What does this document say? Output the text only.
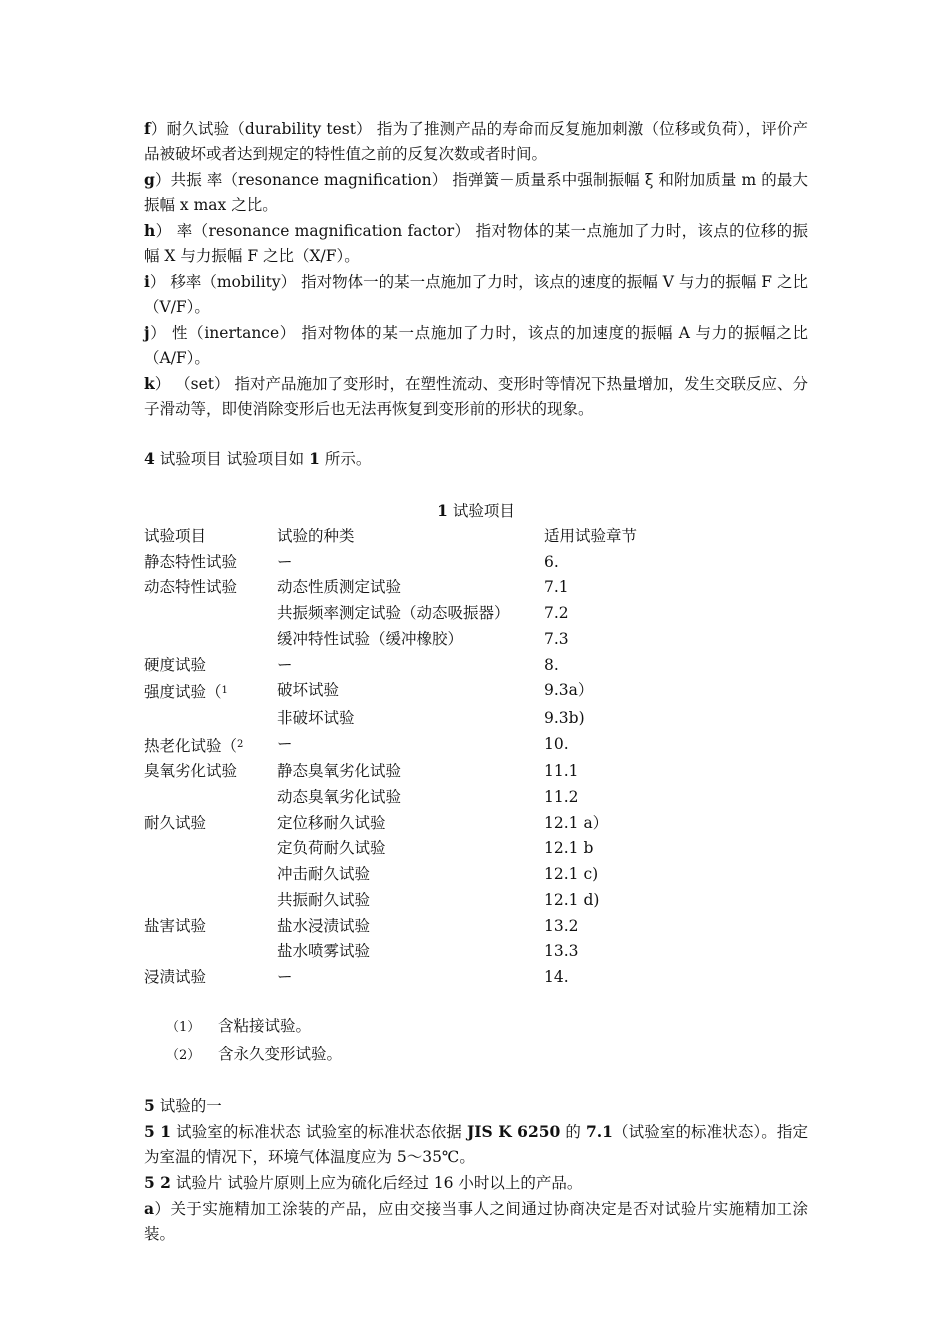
f）耐久试验（durability test） 指为了推测产品的寿命而反复施加刺激（位移或负荷），评价产品被破坏或者达到规定的特性值之前的反复次数或者时间。

g）共振 率（resonance magnification） 指弹簧－质量系中强制振幅 ξ 和附加质量 m 的最大振幅 x max 之比。

h） 率（resonance magnification factor） 指对物体的某一点施加了力时，该点的位移的振幅 X 与力振幅 F 之比（X/F）。

i） 移率（mobility） 指对物体一的某一点施加了力时，该点的速度的振幅 V 与力的振幅 F 之比（V/F）。

j） 性（inertance） 指对物体的某一点施加了力时，该点的加速度的振幅 A 与力的振幅之比（A/F）。

k） （set） 指对产品施加了变形时，在塑性流动、变形时等情况下热量增加，发生交联反应、分子滑动等，即使消除变形后也无法再恢复到变形前的形状的现象。

4 试验项目 试验项目如 1 所示。

1 试验项目

试验项目	试验的种类	适用试验章节
静态特性试验	ー	6.
动态特性试验	动态性质测定试验	7.1
	共振频率测定试验（动态吸振器）	7.2
	缓冲特性试验（缓冲橡胶）	7.3
硬度试验	ー	8.
强度试验（$^1$	破坏试验	9.3a）
	非破坏试验	9.3b)
热老化试验（$^2$	ー	10.
臭氧劣化试验	静态臭氧劣化试验	11.1
	动态臭氧劣化试验	11.2
耐久试验	定位移耐久试验	12.1 a）
	定负荷耐久试验	12.1 b
	冲击耐久试验	12.1 c)
	共振耐久试验	12.1 d)
盐害试验	盐水浸渍试验	13.2
	盐水喷雾试验	13.3
浸渍试验	ー	14.
（1） 含粘接试验。
（2） 含永久变形试验。

5 试验的一

5 1 试验室的标准状态 试验室的标准状态依据 JIS K 6250 的 7.1（试验室的标准状态）。指定为室温的情况下，环境气体温度应为 5～35℃。

5 2 试验片 试验片原则上应为硫化后经过 16 小时以上的产品。

a）关于实施精加工涂装的产品，应由交接当事人之间通过协商决定是否对试验片实施精加工涂装。
